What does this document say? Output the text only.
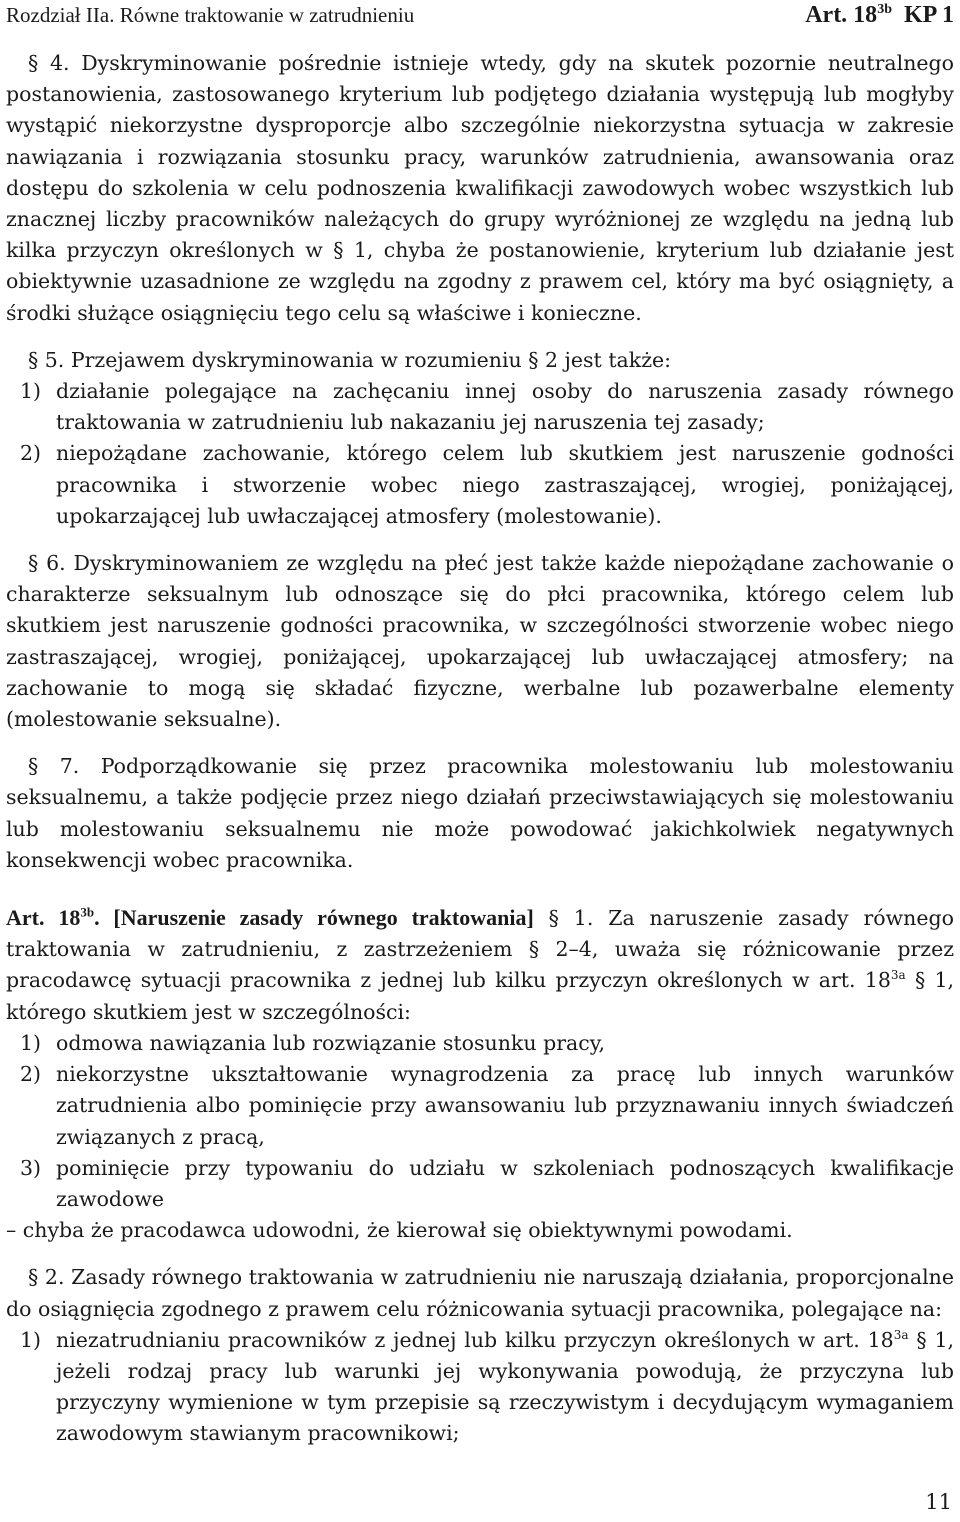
Rozdział IIa. Równe traktowanie w zatrudnieniu	Art. $18^{3b}$ KP 1

§ 4. Dyskryminowanie pośrednie istnieje wtedy, gdy na skutek pozornie neutralnego postanowienia, zastosowanego kryterium lub podjętego działania występują lub mogłyby wystąpić niekorzystne dysproporcje albo szczególnie niekorzystna sytuacja w zakresie nawiązania i rozwiązania stosunku pracy, warunków zatrudnienia, awansowania oraz dostępu do szkolenia w celu podnoszenia kwalifikacji zawodowych wobec wszystkich lub znacznej liczby pracowników należących do grupy wyróżnionej ze względu na jedną lub kilka przyczyn określonych w § 1, chyba że postanowienie, kryterium lub działanie jest obiektywnie uzasadnione ze względu na zgodny z prawem cel, który ma być osiągnięty, a środki służące osiągnięciu tego celu są właściwe i konieczne.

§ 5. Przejawem dyskryminowania w rozumieniu § 2 jest także:

1) działanie polegające na zachęcaniu innej osoby do naruszenia zasady równego traktowania w zatrudnieniu lub nakazaniu jej naruszenia tej zasady;
2) niepożądane zachowanie, którego celem lub skutkiem jest naruszenie godności pracownika i stworzenie wobec niego zastraszającej, wrogiej, poniżającej, upokarzającej lub uwłaczającej atmosfery (molestowanie).

§ 6. Dyskryminowaniem ze względu na płeć jest także każde niepożądane zachowanie o charakterze seksualnym lub odnoszące się do płci pracownika, którego celem lub skutkiem jest naruszenie godności pracownika, w szczególności stworzenie wobec niego zastraszającej, wrogiej, poniżającej, upokarzającej lub uwłaczającej atmosfery; na zachowanie to mogą się składać fizyczne, werbalne lub pozawerbalne elementy (molestowanie seksualne).

§ 7. Podporządkowanie się przez pracownika molestowaniu lub molestowaniu seksualnemu, a także podjęcie przez niego działań przeciwstawiających się molestowaniu lub molestowaniu seksualnemu nie może powodować jakichkolwiek negatywnych konsekwencji wobec pracownika.

Art. $18^{3b}$. [Naruszenie zasady równego traktowania] § 1. Za naruszenie zasady równego traktowania w zatrudnieniu, z zastrzeżeniem § 2–4, uważa się różnicowanie przez pracodawcę sytuacji pracownika z jednej lub kilku przyczyn określonych w art. $18^{3a}$ § 1, którego skutkiem jest w szczególności:

1) odmowa nawiązania lub rozwiązanie stosunku pracy,
2) niekorzystne ukształtowanie wynagrodzenia za pracę lub innych warunków zatrudnienia albo pominięcie przy awansowaniu lub przyznawaniu innych świadczeń związanych z pracą,
3) pominięcie przy typowaniu do udziału w szkoleniach podnoszących kwalifikacje zawodowe

– chyba że pracodawca udowodni, że kierował się obiektywnymi powodami.

§ 2. Zasady równego traktowania w zatrudnieniu nie naruszają działania, proporcjonalne do osiągnięcia zgodnego z prawem celu różnicowania sytuacji pracownika, polegające na:

1) niezatrudnianiu pracowników z jednej lub kilku przyczyn określonych w art. $18^{3a}$ § 1, jeżeli rodzaj pracy lub warunki jej wykonywania powodują, że przyczyna lub przyczyny wymienione w tym przepisie są rzeczywistym i decydującym wymaganiem zawodowym stawianym pracownikowi;
11
